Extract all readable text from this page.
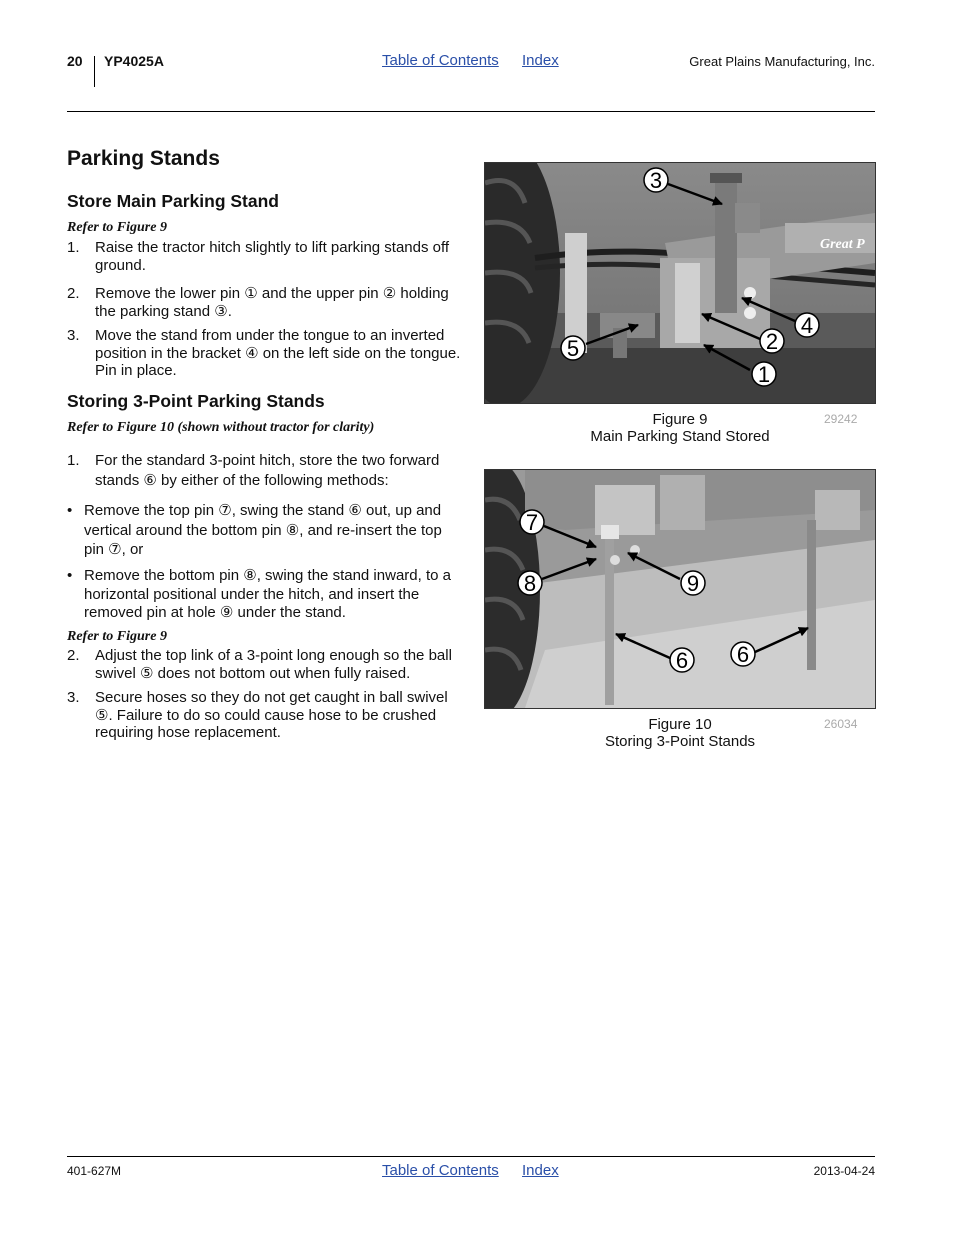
20 YP4025A	Table of Contents Index	Great Plains Manufacturing, Inc.
Parking Stands
Store Main Parking Stand
Refer to Figure 9
1. Raise the tractor hitch slightly to lift parking stands off ground.
2. Remove the lower pin ① and the upper pin ② holding the parking stand ③.
3. Move the stand from under the tongue to an inverted position in the bracket ④ on the left side on the tongue. Pin in place.
Storing 3-Point Parking Stands
Refer to Figure 10 (shown without tractor for clarity)
1. For the standard 3-point hitch, store the two forward stands ⑥ by either of the following methods:
• Remove the top pin ⑦, swing the stand ⑥ out, up and vertical around the bottom pin ⑧, and re-insert the top pin ⑦, or
• Remove the bottom pin ⑧, swing the stand inward, to a horizontal positional under the hitch, and insert the removed pin at hole ⑨ under the stand.
Refer to Figure 9
2. Adjust the top link of a 3-point long enough so the ball swivel ⑤ does not bottom out when fully raised.
3. Secure hoses so they do not get caught in ball swivel ⑤. Failure to do so could cause hose to be crushed requiring hose replacement.
Great P
3
4
2
5
1
Figure 9
Main Parking Stand Stored
29242
7
8	9
6 6
Figure 10
Storing 3-Point Stands
26034
401-627M	Table of Contents Index	2013-04-24
